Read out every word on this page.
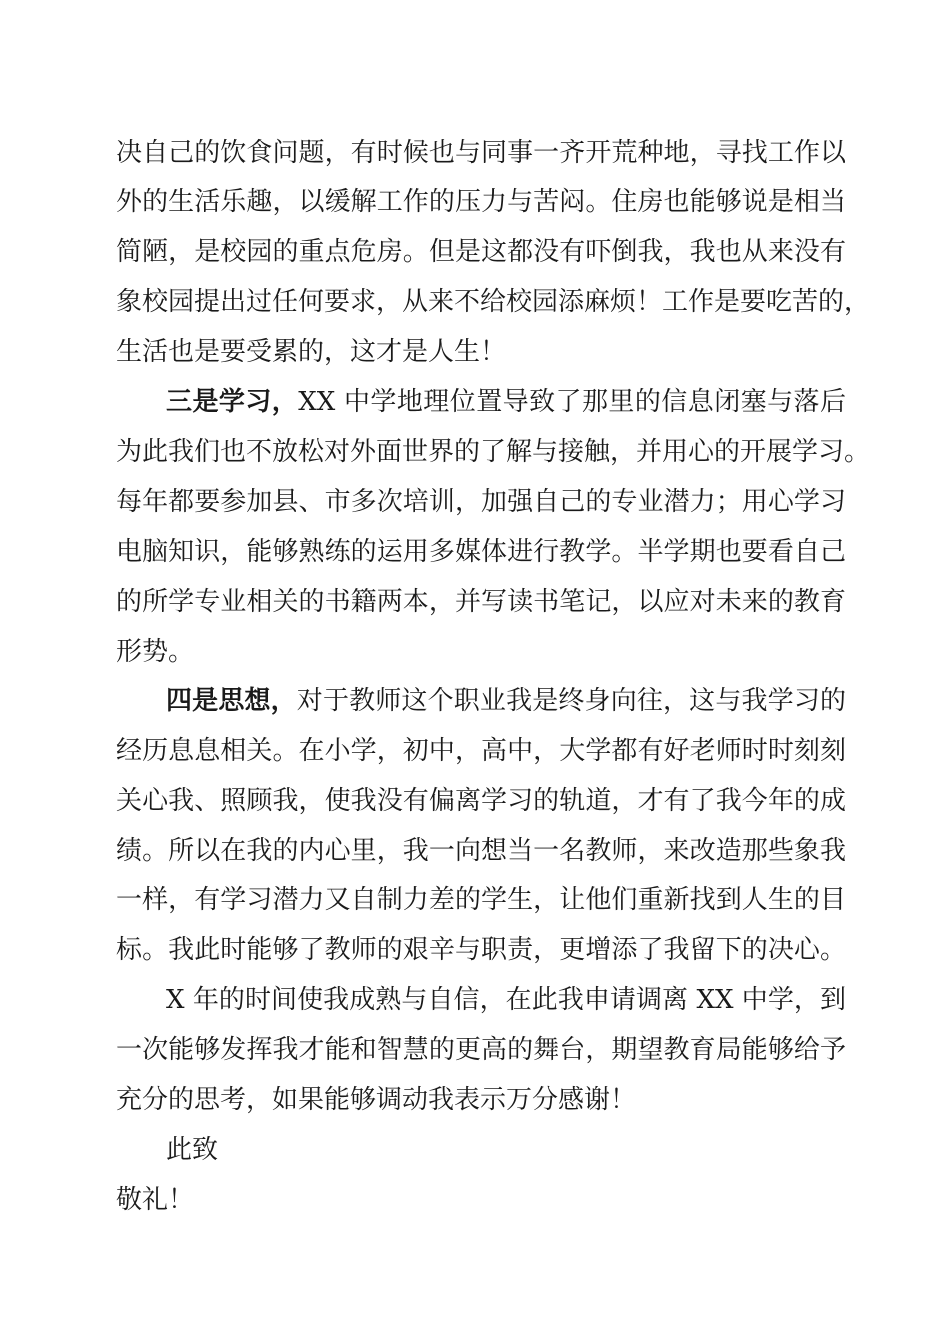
决自己的饮食问题，有时候也与同事一齐开荒种地，寻找工作以
外的生活乐趣，以缓解工作的压力与苦闷。住房也能够说是相当
简陋，是校园的重点危房。但是这都没有吓倒我，我也从来没有
象校园提出过任何要求，从来不给校园添麻烦！工作是要吃苦的，
生活也是要受累的，这才是人生！
三是学习，XX 中学地理位置导致了那里的信息闭塞与落后
为此我们也不放松对外面世界的了解与接触，并用心的开展学习。
每年都要参加县、市多次培训，加强自己的专业潜力；用心学习
电脑知识，能够熟练的运用多媒体进行教学。半学期也要看自己
的所学专业相关的书籍两本，并写读书笔记，以应对未来的教育
形势。
四是思想，对于教师这个职业我是终身向往，这与我学习的
经历息息相关。在小学，初中，高中，大学都有好老师时时刻刻
关心我、照顾我，使我没有偏离学习的轨道，才有了我今年的成
绩。所以在我的内心里，我一向想当一名教师，来改造那些象我
一样，有学习潜力又自制力差的学生，让他们重新找到人生的目
标。我此时能够了教师的艰辛与职责，更增添了我留下的决心。
X 年的时间使我成熟与自信，在此我申请调离 XX 中学，到
一次能够发挥我才能和智慧的更高的舞台，期望教育局能够给予
充分的思考，如果能够调动我表示万分感谢！
此致
敬礼！
